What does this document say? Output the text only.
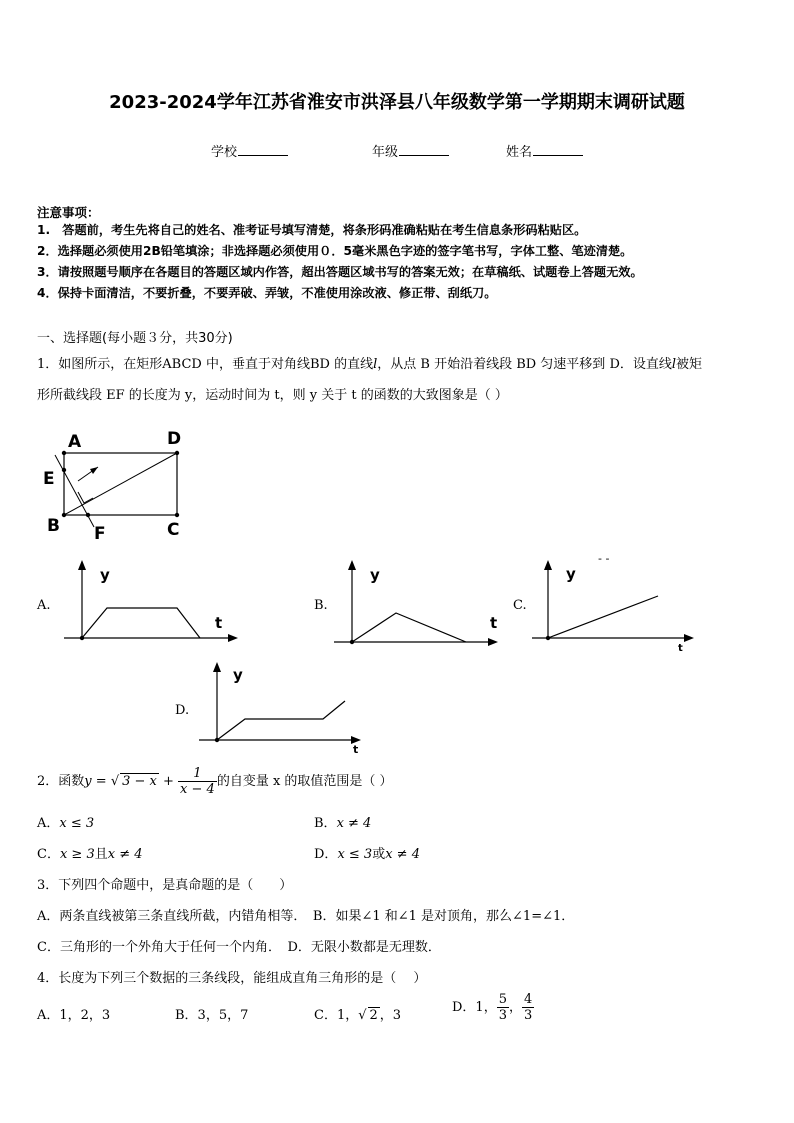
2023-2024学年江苏省淮安市洪泽县八年级数学第一学期期末调研试题
学校	年级	姓名
注意事项：
1.　答题前，考生先将自己的姓名、准考证号填写清楚，将条形码准确粘贴在考生信息条形码粘贴区。
2．选择题必须使用2B铅笔填涂；非选择题必须使用０．5毫米黑色字迹的签字笔书写，字体工整、笔迹清楚。
3．请按照题号顺序在各题目的答题区域内作答，超出答题区域书写的答案无效；在草稿纸、试题卷上答题无效。
4．保持卡面清洁，不要折叠，不要弄破、弄皱，不准使用涂改液、修正带、刮纸刀。
一、选择题(每小题３分，共30分)
1．如图所示，在矩形ABCD 中，垂直于对角线BD 的直线l，从点 B 开始沿着线段 BD 匀速平移到 D．设直线l被矩
形所截线段 EF 的长度为 y，运动时间为 t，则 y 关于 t 的函数的大致图象是（ ）
A	D
E
B F	C
A.
y
t
B.
y
t
C.
y
t
- -
D.
y
t
2．函数y = √ $3 - x + \frac{1}{x - 4}$ 的自变量 x 的取值范围是（ ）
A．x ≤ 3	B．x ≠ 4
C．x ≥ 3且x ≠ 4	D．x ≤ 3或x ≠ 4
3．下列四个命题中，是真命题的是（　　）
A．两条直线被第三条直线所截，内错角相等．　B．如果∠1 和∠1 是对顶角，那么∠1=∠1．
C．三角形的一个外角大于任何一个内角．　D．无限小数都是无理数．
4．长度为下列三个数据的三条线段，能组成直角三角形的是（　 ）
A．1，2，3	B．3，5，7	C．1，√ 2 ，3
D．1， $\frac{5}{3}$ ， $\frac{4}{3}$
